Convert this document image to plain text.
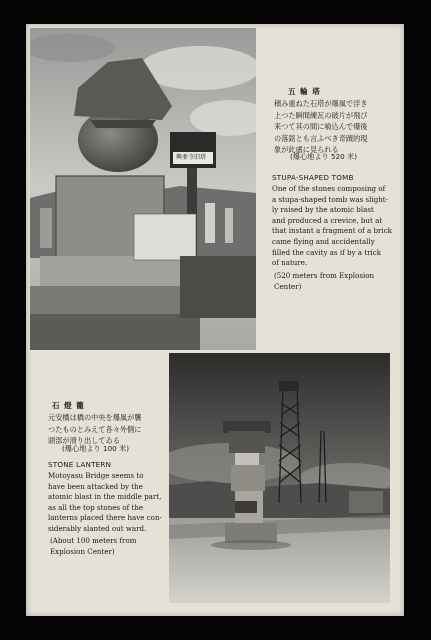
興亜寺旧塔
五 輪 塔
積み重ねた石塔が爆風で浮き
上つた瞬間練瓦の破片が飛び
来つて其の間に喰込んで爆後
の落銘とも言ふべき奇蹟的現
象が此處に見られる
(爆心地より 520 米)
STUPA-SHAPED TOMB
One of the stones composing of
a stupa-shaped tomb was slight-
ly raised by the atomic blast
and produced a crevice, but at
that instant a fragment of a brick
came flying and accidentally
filled the cavity as if by a trick
of nature.
(520 meters from Explosion
Center)
石 燈 籠
元安橋は橋の中央を爆風が襲
つたものとみえて各々外側に
頭部が滑り出してゐる
(爆心地より 100 米)
STONE LANTERN
Motoyasu Bridge seems to
have been attacked by the
atomic blast in the middle part,
as all the top stones of the
lanterns placed there have con-
siderably slanted out ward.
(About 100 meters from
Explosion Center)
